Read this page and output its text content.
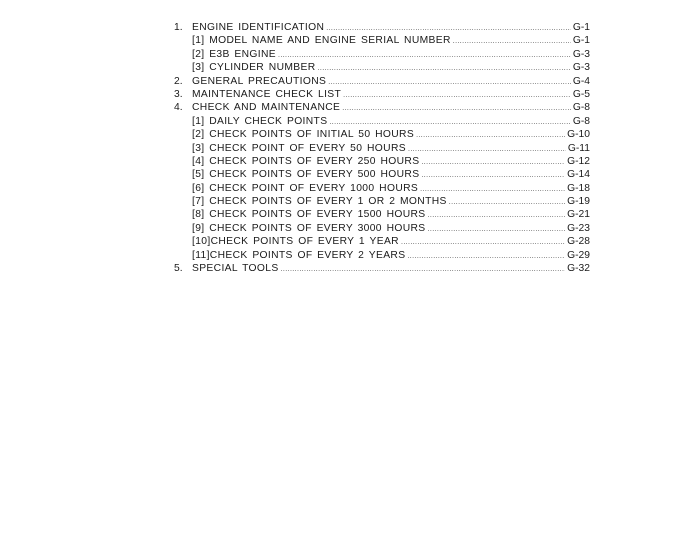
1. ENGINE IDENTIFICATION .....	G-1
[1] MODEL NAME AND ENGINE SERIAL NUMBER .....	G-1
[2] E3B ENGINE .....	G-3
[3] CYLINDER NUMBER .....	G-3
2. GENERAL PRECAUTIONS .....	G-4
3. MAINTENANCE CHECK LIST .....	G-5
4. CHECK AND MAINTENANCE .....	G-8
[1] DAILY CHECK POINTS .....	G-8
[2] CHECK POINTS OF INITIAL 50 HOURS .....	G-10
[3] CHECK POINT OF EVERY 50 HOURS .....	G-11
[4] CHECK POINTS OF EVERY 250 HOURS .....	G-12
[5] CHECK POINTS OF EVERY 500 HOURS .....	G-14
[6] CHECK POINT OF EVERY 1000 HOURS .....	G-18
[7] CHECK POINTS OF EVERY 1 OR 2 MONTHS .....	G-19
[8] CHECK POINTS OF EVERY 1500 HOURS .....	G-21
[9] CHECK POINTS OF EVERY 3000 HOURS .....	G-23
[10]CHECK POINTS OF EVERY 1 YEAR .....	G-28
[11]CHECK POINTS OF EVERY 2 YEARS .....	G-29
5. SPECIAL TOOLS .....	G-32
